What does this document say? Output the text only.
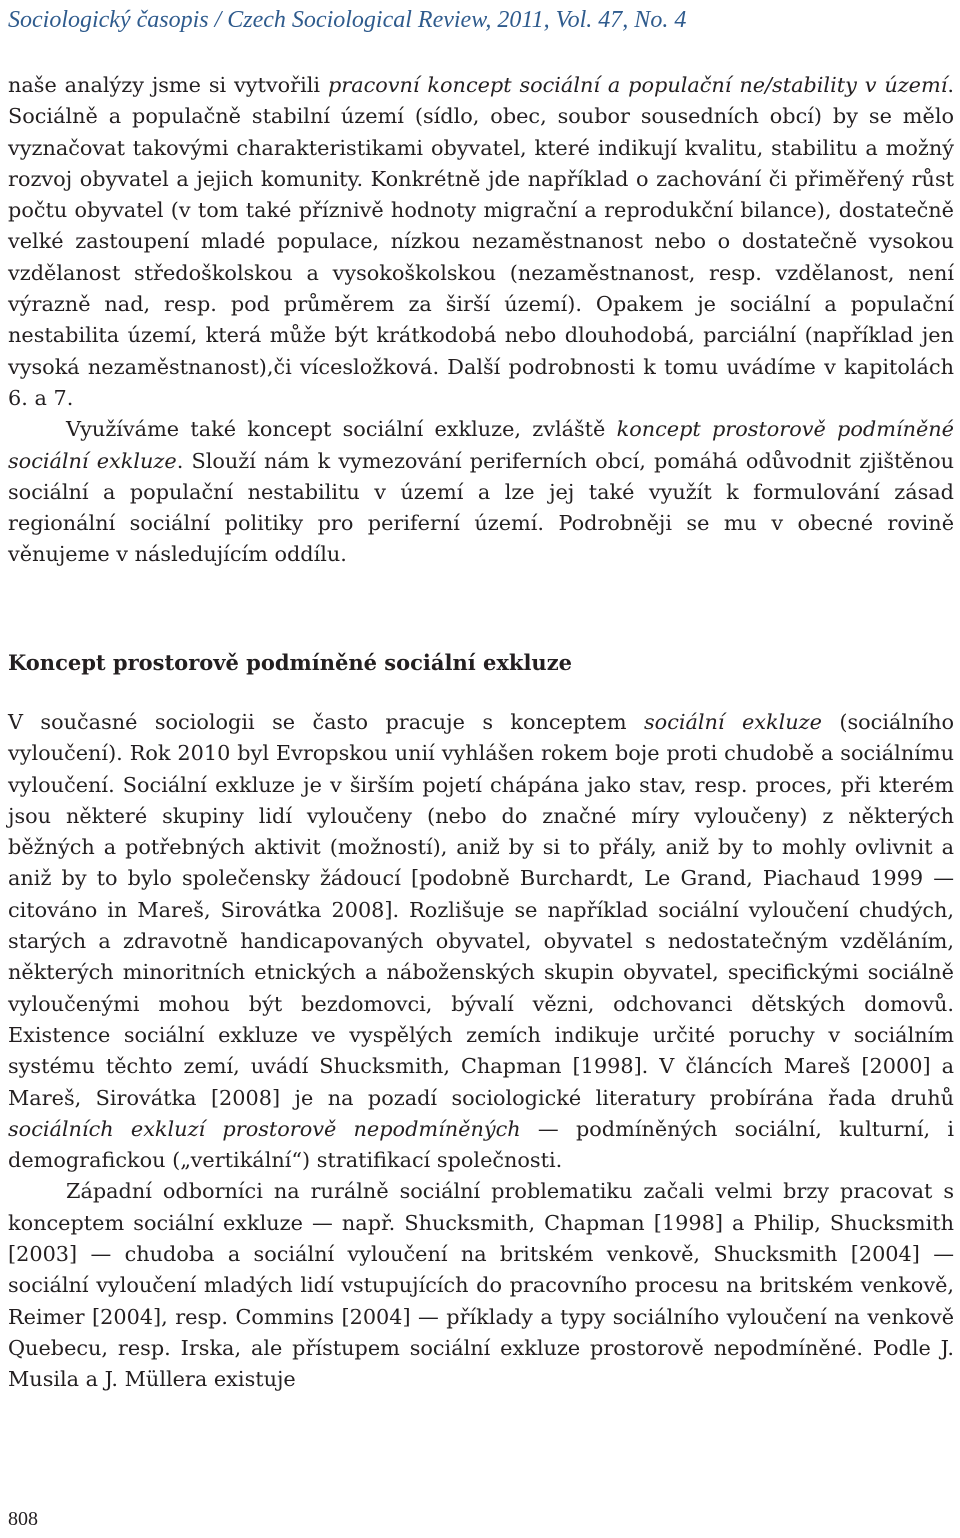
Sociologický časopis / Czech Sociological Review, 2011, Vol. 47, No. 4

naše analýzy jsme si vytvořili pracovní koncept sociální a populační ne/stability v území. Sociálně a populačně stabilní území (sídlo, obec, soubor sousedních obcí) by se mělo vyznačovat takovými charakteristikami obyvatel, které indikují kvalitu, stabilitu a možný rozvoj obyvatel a jejich komunity. Konkrétně jde například o zachování či přiměřený růst počtu obyvatel (v tom také příznivě hodnoty migrační a reprodukční bilance), dostatečně velké zastoupení mladé populace, nízkou nezaměstnanost nebo o dostatečně vysokou vzdělanost středoškolskou a vysokoškolskou (nezaměstnanost, resp. vzdělanost, není výrazně nad, resp. pod průměrem za širší území). Opakem je sociální a populační nestabilita území, která může být krátkodobá nebo dlouhodobá, parciální (například jen vysoká nezaměstnanost),či vícesložková. Další podrobnosti k tomu uvádíme v kapitolách 6. a 7.

Využíváme také koncept sociální exkluze, zvláště koncept prostorově podmíněné sociální exkluze. Slouží nám k vymezování periferních obcí, pomáhá odůvodnit zjištěnou sociální a populační nestabilitu v území a lze jej také využít k formulování zásad regionální sociální politiky pro periferní území. Podrobněji se mu v obecné rovině věnujeme v následujícím oddílu.

Koncept prostorově podmíněné sociální exkluze

V současné sociologii se často pracuje s konceptem sociální exkluze (sociálního vyloučení). Rok 2010 byl Evropskou unií vyhlášen rokem boje proti chudobě a sociálnímu vyloučení. Sociální exkluze je v širším pojetí chápána jako stav, resp. proces, při kterém jsou některé skupiny lidí vyloučeny (nebo do značné míry vyloučeny) z některých běžných a potřebných aktivit (možností), aniž by si to přály, aniž by to mohly ovlivnit a aniž by to bylo společensky žádoucí [podobně Burchardt, Le Grand, Piachaud 1999 — citováno in Mareš, Sirovátka 2008]. Rozlišuje se například sociální vyloučení chudých, starých a zdravotně handicapovaných obyvatel, obyvatel s nedostatečným vzděláním, některých minoritních etnických a náboženských skupin obyvatel, specifickými sociálně vyloučenými mohou být bezdomovci, bývalí vězni, odchovanci dětských domovů. Existence sociální exkluze ve vyspělých zemích indikuje určité poruchy v sociálním systému těchto zemí, uvádí Shucksmith, Chapman [1998]. V článcích Mareš [2000] a Mareš, Sirovátka [2008] je na pozadí sociologické literatury probírána řada druhů sociálních exkluzí prostorově nepodmíněných — podmíněných sociální, kulturní, i demografickou („vertikální“) stratifikací společnosti.

Západní odborníci na rurálně sociální problematiku začali velmi brzy pracovat s konceptem sociální exkluze — např. Shucksmith, Chapman [1998] a Philip, Shucksmith [2003] — chudoba a sociální vyloučení na britském venkově, Shucksmith [2004] — sociální vyloučení mladých lidí vstupujících do pracovního procesu na britském venkově, Reimer [2004], resp. Commins [2004] — příklady a typy sociálního vyloučení na venkově Quebecu, resp. Irska, ale přístupem sociální exkluze prostorově nepodmíněné. Podle J. Musila a J. Müllera existuje

808
